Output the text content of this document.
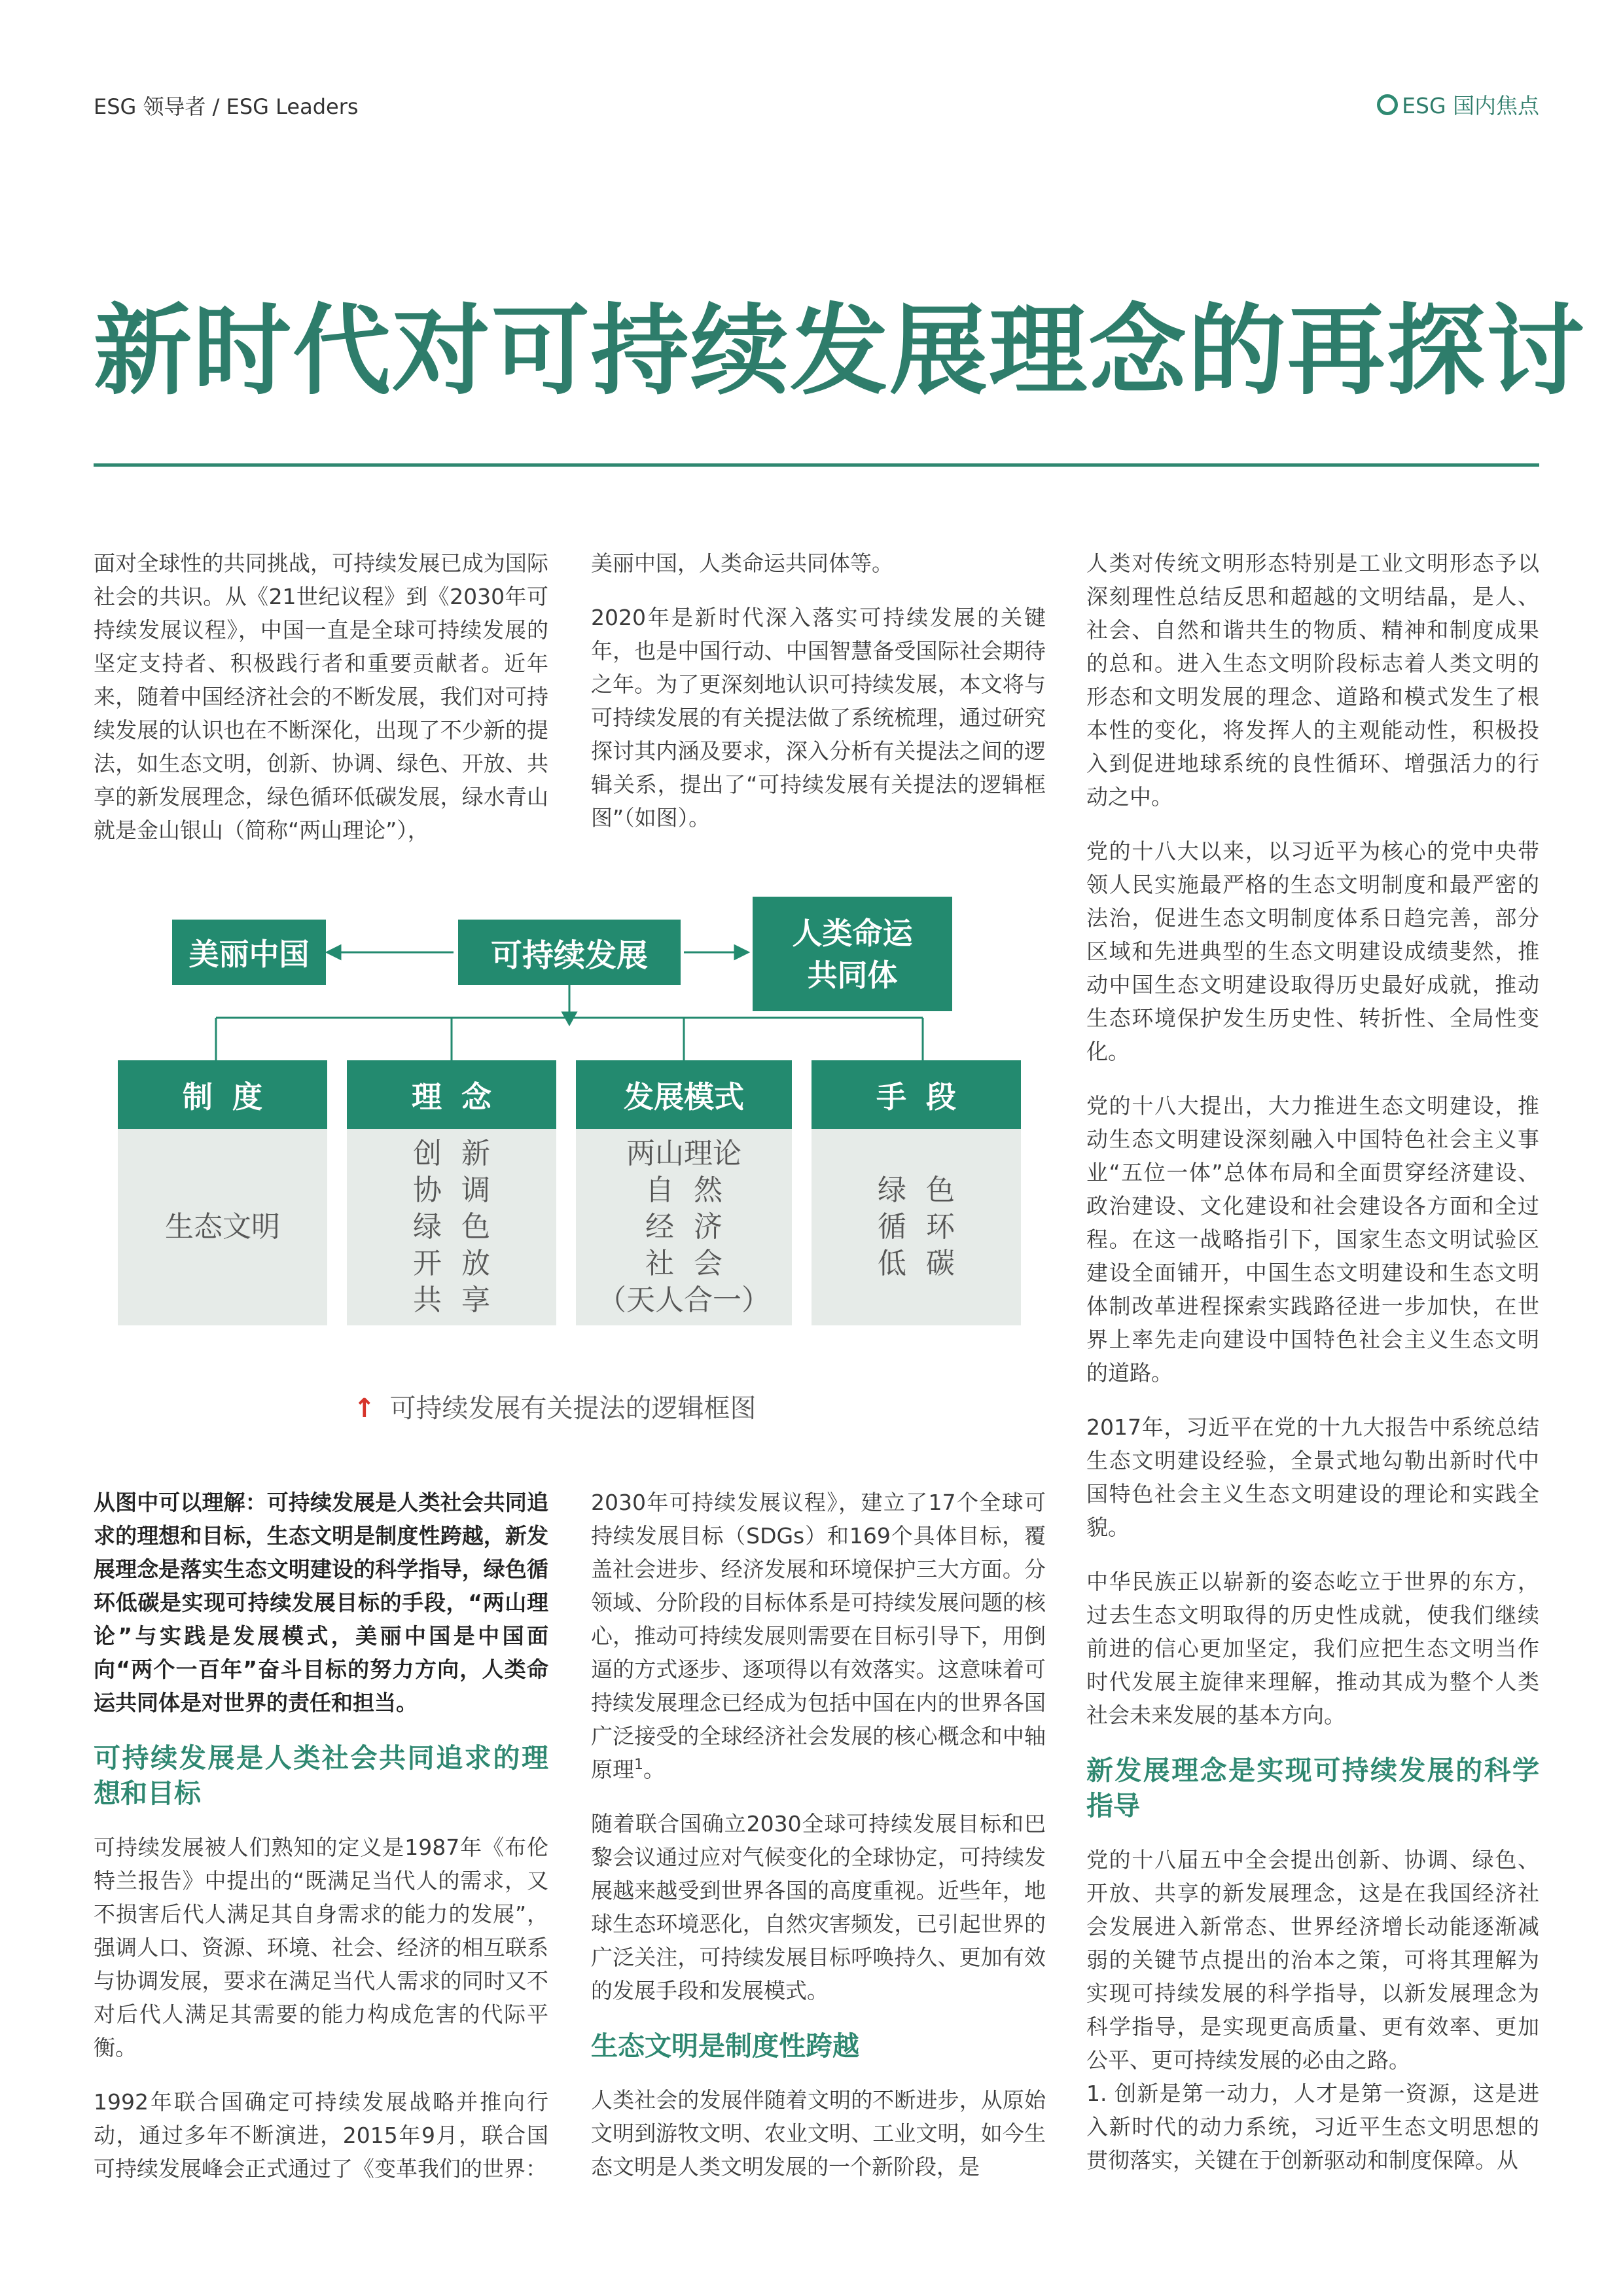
ESG 领导者 / ESG Leaders	ESG 国内焦点
新时代对可持续发展理念的再探讨

面对全球性的共同挑战，可持续发展已成为国际社会的共识。从《21世纪议程》到《2030年可持续发展议程》，中国一直是全球可持续发展的坚定支持者、积极践行者和重要贡献者。近年来，随着中国经济社会的不断发展，我们对可持续发展的认识也在不断深化，出现了不少新的提法，如生态文明，创新、协调、绿色、开放、共享的新发展理念，绿色循环低碳发展，绿水青山就是金山银山（简称“两山理论”），

美丽中国，人类命运共同体等。

2020年是新时代深入落实可持续发展的关键年，也是中国行动、中国智慧备受国际社会期待之年。为了更深刻地认识可持续发展，本文将与可持续发展的有关提法做了系统梳理，通过研究探讨其内涵及要求，深入分析有关提法之间的逻辑关系，提出了“可持续发展有关提法的逻辑框图”（如图）。

美丽中国	可持续发展
人类命运
共同体
制度
生态文明
理念
创新
协调
绿色
开放
共享
发展模式
两山理论
自然
经济
社会
（天人合一）
手段
绿色
循环
低碳
↑ 可持续发展有关提法的逻辑框图

从图中可以理解：可持续发展是人类社会共同追求的理想和目标，生态文明是制度性跨越，新发展理念是落实生态文明建设的科学指导，绿色循环低碳是实现可持续发展目标的手段，“两山理论”与实践是发展模式，美丽中国是中国面向“两个一百年”奋斗目标的努力方向，人类命运共同体是对世界的责任和担当。

可持续发展是人类社会共同追求的理想和目标

可持续发展被人们熟知的定义是1987年《布伦特兰报告》中提出的“既满足当代人的需求，又不损害后代人满足其自身需求的能力的发展”，强调人口、资源、环境、社会、经济的相互联系与协调发展，要求在满足当代人需求的同时又不对后代人满足其需要的能力构成危害的代际平衡。

1992年联合国确定可持续发展战略并推向行动，通过多年不断演进，2015年9月，联合国可持续发展峰会正式通过了《变革我们的世界：

2030年可持续发展议程》，建立了17个全球可持续发展目标（SDGs）和169个具体目标，覆盖社会进步、经济发展和环境保护三大方面。分领域、分阶段的目标体系是可持续发展问题的核心，推动可持续发展则需要在目标引导下，用倒逼的方式逐步、逐项得以有效落实。这意味着可持续发展理念已经成为包括中国在内的世界各国广泛接受的全球经济社会发展的核心概念和中轴原理$^1$。

随着联合国确立2030全球可持续发展目标和巴黎会议通过应对气候变化的全球协定，可持续发展越来越受到世界各国的高度重视。近些年，地球生态环境恶化，自然灾害频发，已引起世界的广泛关注，可持续发展目标呼唤持久、更加有效的发展手段和发展模式。

生态文明是制度性跨越

人类社会的发展伴随着文明的不断进步，从原始文明到游牧文明、农业文明、工业文明，如今生态文明是人类文明发展的一个新阶段，是

人类对传统文明形态特别是工业文明形态予以深刻理性总结反思和超越的文明结晶，是人、社会、自然和谐共生的物质、精神和制度成果的总和。进入生态文明阶段标志着人类文明的形态和文明发展的理念、道路和模式发生了根本性的变化，将发挥人的主观能动性，积极投入到促进地球系统的良性循环、增强活力的行动之中。

党的十八大以来，以习近平为核心的党中央带领人民实施最严格的生态文明制度和最严密的法治，促进生态文明制度体系日趋完善，部分区域和先进典型的生态文明建设成绩斐然，推动中国生态文明建设取得历史最好成就，推动生态环境保护发生历史性、转折性、全局性变化。

党的十八大提出，大力推进生态文明建设，推动生态文明建设深刻融入中国特色社会主义事业“五位一体”总体布局和全面贯穿经济建设、政治建设、文化建设和社会建设各方面和全过程。在这一战略指引下，国家生态文明试验区建设全面铺开，中国生态文明建设和生态文明体制改革进程探索实践路径进一步加快，在世界上率先走向建设中国特色社会主义生态文明的道路。

2017年，习近平在党的十九大报告中系统总结生态文明建设经验，全景式地勾勒出新时代中国特色社会主义生态文明建设的理论和实践全貌。

中华民族正以崭新的姿态屹立于世界的东方，过去生态文明取得的历史性成就，使我们继续前进的信心更加坚定，我们应把生态文明当作时代发展主旋律来理解，推动其成为整个人类社会未来发展的基本方向。

新发展理念是实现可持续发展的科学指导

党的十八届五中全会提出创新、协调、绿色、开放、共享的新发展理念，这是在我国经济社会发展进入新常态、世界经济增长动能逐渐减弱的关键节点提出的治本之策，可将其理解为实现可持续发展的科学指导，以新发展理念为科学指导，是实现更高质量、更有效率、更加公平、更可持续发展的必由之路。

1. 创新是第一动力，人才是第一资源，这是进入新时代的动力系统，习近平生态文明思想的贯彻落实，关键在于创新驱动和制度保障。从
